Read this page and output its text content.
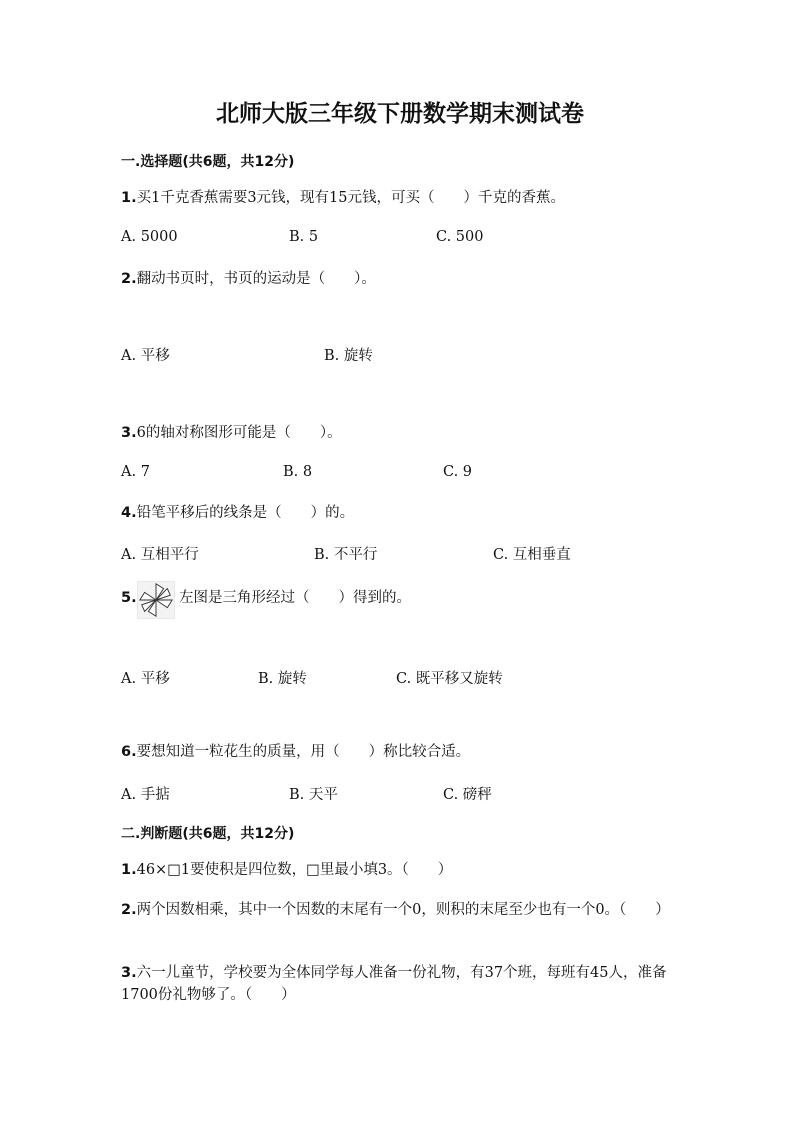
北师大版三年级下册数学期末测试卷
一.选择题(共6题，共12分)
1.买1千克香蕉需要3元钱，现有15元钱，可买（　　）千克的香蕉。
A. 5000	B. 5	C. 500
2.翻动书页时，书页的运动是（　　）。
A. 平移	B. 旋转
3.6的轴对称图形可能是（　　）。
A. 7	B. 8	C. 9
4.铅笔平移后的线条是（　　）的。
A. 互相平行	B. 不平行	C. 互相垂直
5.	左图是三角形经过（　　）得到的。
A. 平移	B. 旋转	C. 既平移又旋转
6.要想知道一粒花生的质量，用（　　）称比较合适。
A. 手掂	B. 天平	C. 磅秤
二.判断题(共6题，共12分)
1.46×□1要使积是四位数，□里最小填3。（　　）
2.两个因数相乘，其中一个因数的末尾有一个0，则积的末尾至少也有一个0。（　　）
3.六一儿童节，学校要为全体同学每人准备一份礼物，有37个班，每班有45人，准备1700份礼物够了。（　　）
